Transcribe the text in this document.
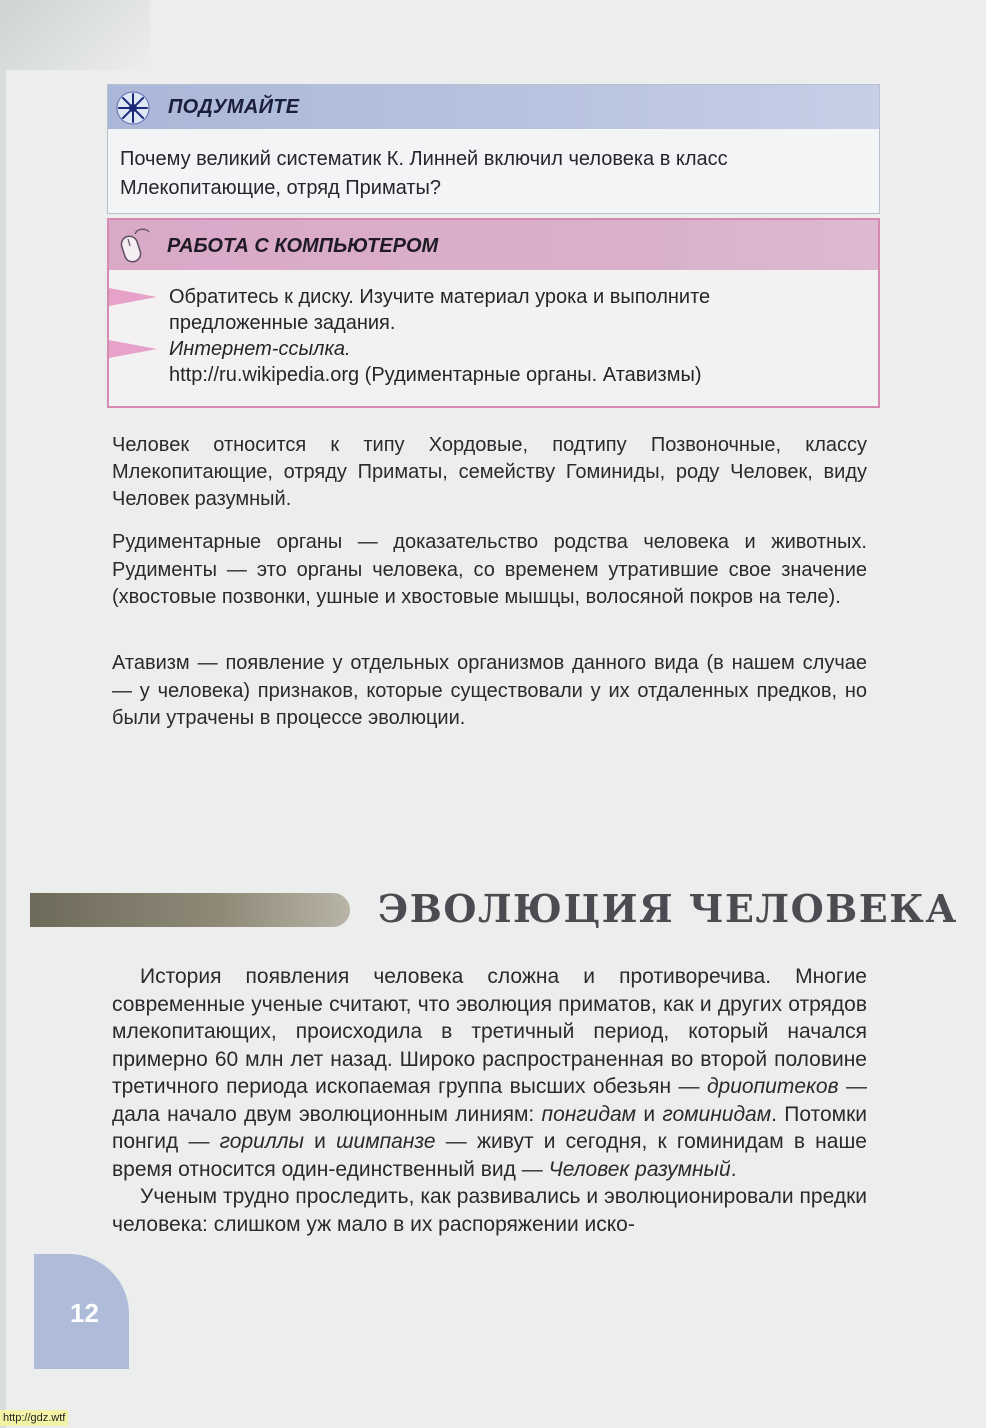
ПОДУМАЙТЕ
Почему великий систематик К. Линней включил человека в класс Млекопитающие, отряд Приматы?
РАБОТА С КОМПЬЮТЕРОМ
Обратитесь к диску. Изучите материал урока и выполните
предложенные задания.
Интернет-ссылка.
http://ru.wikipedia.org (Рудиментарные органы. Атавизмы)

Человек относится к типу Хордовые, подтипу Позвоночные, классу Млекопитающие, отряду Приматы, семейству Гоминиды, роду Человек, виду Человек разумный.

Рудиментарные органы — доказательство родства человека и животных. Рудименты — это органы человека, со временем утратившие свое значение (хвостовые позвонки, ушные и хвостовые мышцы, волосяной покров на теле).

Атавизм — появление у отдельных организмов данного вида (в нашем случае — у человека) признаков, которые существовали у их отдаленных предков, но были утрачены в процессе эволюции.

ЭВОЛЮЦИЯ ЧЕЛОВЕКА

История появления человека сложна и противоречива. Многие современные ученые считают, что эволюция приматов, как и других отрядов млекопитающих, происходила в третичный период, который начался примерно 60 млн лет назад. Широко распространенная во второй половине третичного периода ископаемая группа высших обезьян — дриопитеков — дала начало двум эволюционным линиям: понгидам и гоминидам. Потомки понгид — гориллы и шимпанзе — живут и сегодня, к гоминидам в наше время относится один-единственный вид — Человек разумный.

Ученым трудно проследить, как развивались и эволюционировали предки человека: слишком уж мало в их распоряжении иско-

12
http://gdz.wtf
